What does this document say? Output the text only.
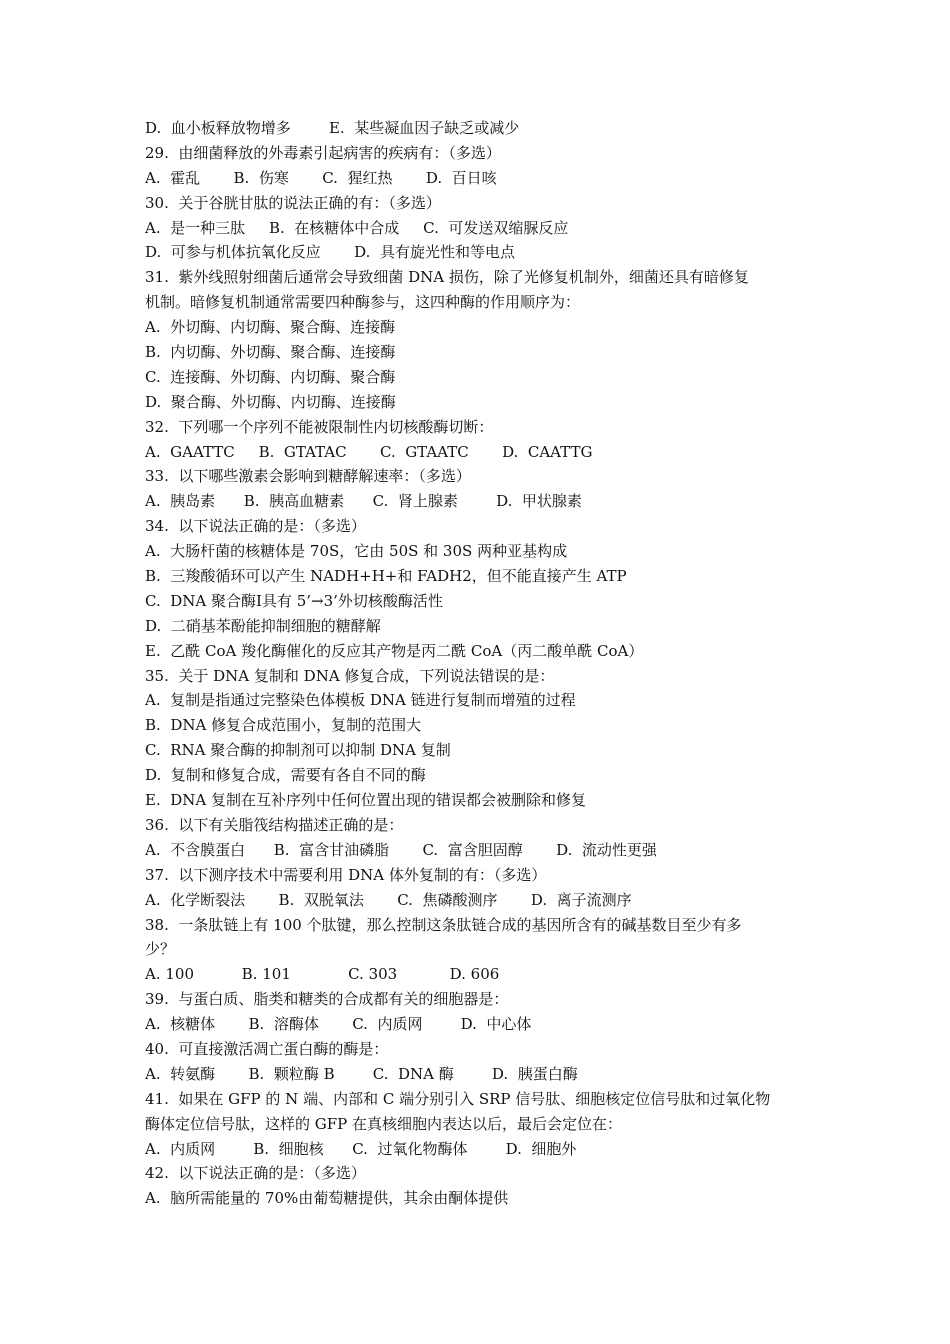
D.  血小板释放物增多        E.  某些凝血因子缺乏或减少
29.  由细菌释放的外毒素引起病害的疾病有：（多选）
A.  霍乱       B.  伤寒       C.  猩红热       D.  百日咳
30.  关于谷胱甘肽的说法正确的有：（多选）
A.  是一种三肽     B.  在核糖体中合成     C.  可发送双缩脲反应
D.  可参与机体抗氧化反应       D.  具有旋光性和等电点
31.  紫外线照射细菌后通常会导致细菌 DNA 损伤，除了光修复机制外，细菌还具有暗修复
机制。暗修复机制通常需要四种酶参与，这四种酶的作用顺序为：
A.  外切酶、内切酶、聚合酶、连接酶
B.  内切酶、外切酶、聚合酶、连接酶
C.  连接酶、外切酶、内切酶、聚合酶
D.  聚合酶、外切酶、内切酶、连接酶
32.  下列哪一个序列不能被限制性内切核酸酶切断：
A.  GAATTC     B.  GTATAC       C.  GTAATC       D.  CAATTG
33.  以下哪些激素会影响到糖酵解速率：（多选）
A.  胰岛素      B.  胰高血糖素      C.  肾上腺素        D.  甲状腺素
34.  以下说法正确的是：（多选）
A.  大肠杆菌的核糖体是 70S，它由 50S 和 30S 两种亚基构成
B.  三羧酸循环可以产生 NADH+H+和 FADH2，但不能直接产生 ATP
C.  DNA 聚合酶Ⅰ具有 5’→3’外切核酸酶活性
D.  二硝基苯酚能抑制细胞的糖酵解
E.  乙酰 CoA 羧化酶催化的反应其产物是丙二酰 CoA（丙二酸单酰 CoA）
35.  关于 DNA 复制和 DNA 修复合成，下列说法错误的是：
A.  复制是指通过完整染色体模板 DNA 链进行复制而增殖的过程
B.  DNA 修复合成范围小，复制的范围大
C.  RNA 聚合酶的抑制剂可以抑制 DNA 复制
D.  复制和修复合成，需要有各自不同的酶
E.  DNA 复制在互补序列中任何位置出现的错误都会被删除和修复
36.  以下有关脂筏结构描述正确的是：
A.  不含膜蛋白      B.  富含甘油磷脂       C.  富含胆固醇       D.  流动性更强
37.  以下测序技术中需要利用 DNA 体外复制的有：（多选）
A.  化学断裂法       B.  双脱氧法       C.  焦磷酸测序       D.  离子流测序
38.  一条肽链上有 100 个肽键，那么控制这条肽链合成的基因所含有的碱基数目至少有多
少？
A. 100          B. 101            C. 303           D. 606
39.  与蛋白质、脂类和糖类的合成都有关的细胞器是：
A.  核糖体       B.  溶酶体       C.  内质网        D.  中心体
40.  可直接激活凋亡蛋白酶的酶是：
A.  转氨酶       B.  颗粒酶 B        C.  DNA 酶        D.  胰蛋白酶
41.  如果在 GFP 的 N 端、内部和 C 端分别引入 SRP 信号肽、细胞核定位信号肽和过氧化物
酶体定位信号肽，这样的 GFP 在真核细胞内表达以后，最后会定位在：
A.  内质网        B.  细胞核      C.  过氧化物酶体        D.  细胞外
42.  以下说法正确的是：（多选）
A.  脑所需能量的 70%由葡萄糖提供，其余由酮体提供
